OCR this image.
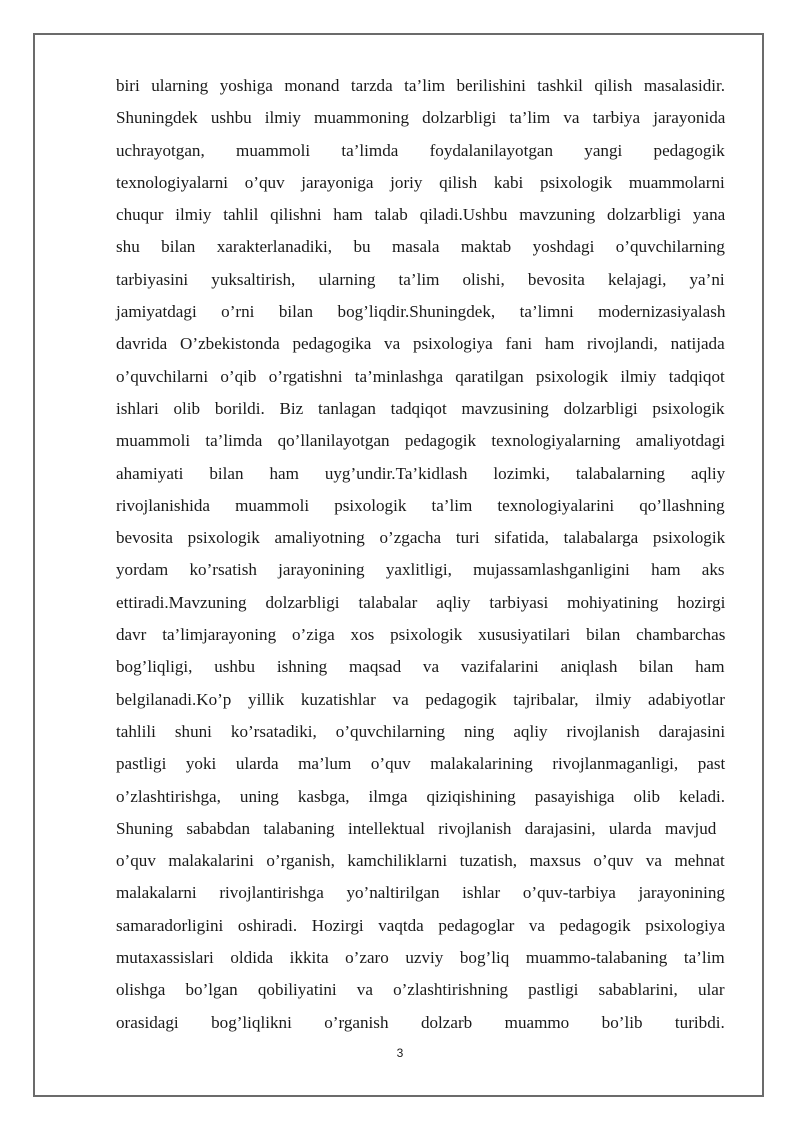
biri ularning yoshiga monand tarzda ta’lim berilishini tashkil qilish masalasidir.
Shuningdek ushbu ilmiy muammoning dolzarbligi ta’lim va tarbiya jarayonida
uchrayotgan, muammoli ta’limda foydalanilayotgan yangi pedagogik
texnologiyalarni o’quv jarayoniga joriy qilish kabi psixologik muammolarni
chuqur ilmiy tahlil qilishni ham talab qiladi.Ushbu mavzuning dolzarbligi yana
shu bilan xarakterlanadiki, bu masala maktab yoshdagi o’quvchilarning
tarbiyasini yuksaltirish, ularning ta’lim olishi, bevosita kelajagi, ya’ni
jamiyatdagi o’rni bilan bog’liqdir.Shuningdek, ta’limni modernizasiyalash
davrida O’zbekistonda pedagogika va psixologiya fani ham rivojlandi, natijada
o’quvchilarni o’qib o’rgatishni ta’minlashga qaratilgan psixologik ilmiy tadqiqot
ishlari olib borildi. Biz tanlagan tadqiqot mavzusining dolzarbligi psixologik
muammoli ta’limda qo’llanilayotgan pedagogik texnologiyalarning amaliyotdagi
ahamiyati bilan ham uyg’undir.Ta’kidlash lozimki, talabalarning aqliy
rivojlanishida muammoli psixologik ta’lim texnologiyalarini qo’llashning
bevosita psixologik amaliyotning o’zgacha turi sifatida, talabalarga psixologik
yordam ko’rsatish jarayonining yaxlitligi, mujassamlashganligini ham aks
ettiradi.Mavzuning dolzarbligi talabalar aqliy tarbiyasi mohiyatining hozirgi
davr ta’limjarayoning o’ziga xos psixologik xususiyatilari bilan chambarchas
bog’liqligi, ushbu ishning maqsad va vazifalarini aniqlash bilan ham
belgilanadi.Ko’p yillik kuzatishlar va pedagogik tajribalar, ilmiy adabiyotlar
tahlili shuni ko’rsatadiki, o’quvchilarning ning aqliy rivojlanish darajasini
pastligi yoki ularda ma’lum o’quv malakalarining rivojlanmaganligi, past
o’zlashtirishga, uning kasbga, ilmga qiziqishining pasayishiga olib keladi.
Shuning sababdan talabaning intellektual rivojlanish darajasini, ularda mavjud
o’quv malakalarini o’rganish, kamchiliklarni tuzatish, maxsus o’quv va mehnat
malakalarni rivojlantirishga yo’naltirilgan ishlar o’quv-tarbiya jarayonining
samaradorligini oshiradi. Hozirgi vaqtda pedagoglar va pedagogik psixologiya
mutaxassislari oldida ikkita o’zaro uzviy bog’liq muammo-talabaning ta’lim
olishga bo’lgan qobiliyatini va o’zlashtirishning pastligi sabablarini, ular
orasidagi bog’liqlikni o’rganish dolzarb muammo bo’lib turibdi.
3
